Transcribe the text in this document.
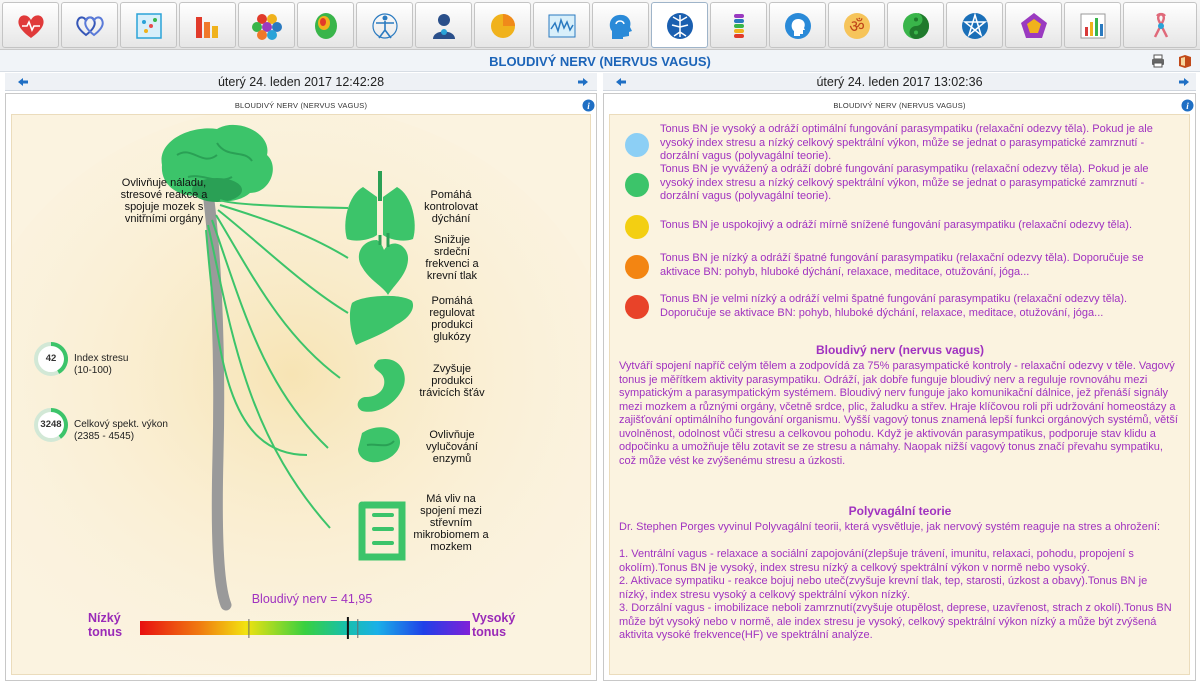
ॐ
BLOUDIVÝ NERV (NERVUS VAGUS)
úterý 24. leden 2017 12:42:28	úterý 24. leden 2017 13:02:36
BLOUDIVÝ NERV (NERVUS VAGUS)	i
Ovlivňuje náladu, stresové reakce a spojuje mozek s vnitřními orgány
Pomáhá kontrolovat dýchání
Snižuje srdeční frekvenci a krevní tlak
Pomáhá regulovat produkci glukózy
Zvyšuje produkci trávicích šťáv
Ovlivňuje vylučování enzymů
Má vliv na spojení mezi střevním mikrobiomem a mozkem
42	Index stresu
(10-100)
3248	Celkový spekt. výkon
(2385 - 4545)
Bloudivý nerv = 41,95
Nízký tonus
Vysoký tonus
BLOUDIVÝ NERV (NERVUS VAGUS)	i
Tonus BN je vysoký a odráží optimální fungování parasympatiku (relaxační odezvy těla). Pokud je ale vysoký index stresu a nízký celkový spektrální výkon, může se jednat o parasympatické zamrznutí - dorzální vagus (polyvagální teorie).
Tonus BN je vyvážený a odráží dobré fungování parasympatiku (relaxační odezvy těla). Pokud je ale vysoký index stresu a nízký celkový spektrální výkon, může se jednat o parasympatické zamrznutí - dorzální vagus (polyvagální teorie).
Tonus BN je uspokojivý a odráží mírně snížené fungování parasympatiku (relaxační odezvy těla).
Tonus BN je nízký a odráží špatné fungování parasympatiku (relaxační odezvy těla). Doporučuje se aktivace BN: pohyb, hluboké dýchání, relaxace, meditace, otužování, jóga...
Tonus BN je velmi nízký a odráží velmi špatné fungování parasympatiku (relaxační odezvy těla). Doporučuje se aktivace BN: pohyb, hluboké dýchání, relaxace, meditace, otužování, jóga...
Bloudivý nerv (nervus vagus)
Vytváří spojení napříč celým tělem a zodpovídá za 75% parasympatické kontroly - relaxační odezvy v těle. Vagový tonus je měřítkem aktivity parasympatiku. Odráží, jak dobře funguje bloudivý nerv a reguluje rovnováhu mezi sympatickým a parasympatickým systémem. Bloudivý nerv funguje jako komunikační dálnice, jež přenáší signály mezi mozkem a různými orgány, včetně srdce, plic, žaludku a střev. Hraje klíčovou roli při udržování homeostázy a zajišťování optimálního fungování organismu. Vyšší vagový tonus znamená lepší funkci orgánových systémů, větší uvolněnost, odolnost vůči stresu a celkovou pohodu. Když je aktivován parasympatikus, podporuje stav klidu a odpočinku a umožňuje tělu zotavit se ze stresu a námahy. Naopak nižší vagový tonus značí převahu sympatiku, což může vést ke zvýšenému stresu a úzkosti.
Polyvagální teorie
Dr. Stephen Porges vyvinul Polyvagální teorii, která vysvětluje, jak nervový systém reaguje na stres a ohrožení:
1. Ventrální vagus - relaxace a sociální zapojování(zlepšuje trávení, imunitu, relaxaci, pohodu, propojení s okolím).Tonus BN je vysoký, index stresu nízký a celkový spektrální výkon v normě nebo vysoký.
2. Aktivace sympatiku - reakce bojuj nebo uteč(zvyšuje krevní tlak, tep, starosti, úzkost a obavy).Tonus BN je nízký, index stresu vysoký a celkový spektrální výkon nízký.
3. Dorzální vagus - imobilizace neboli zamrznutí(zvyšuje otupělost, deprese, uzavřenost, strach z okolí).Tonus BN může být vysoký nebo v normě, ale index stresu je vysoký, celkový spektrální výkon nízký a může být zvýšená aktivita vysoké frekvence(HF) ve spektrální analýze.
